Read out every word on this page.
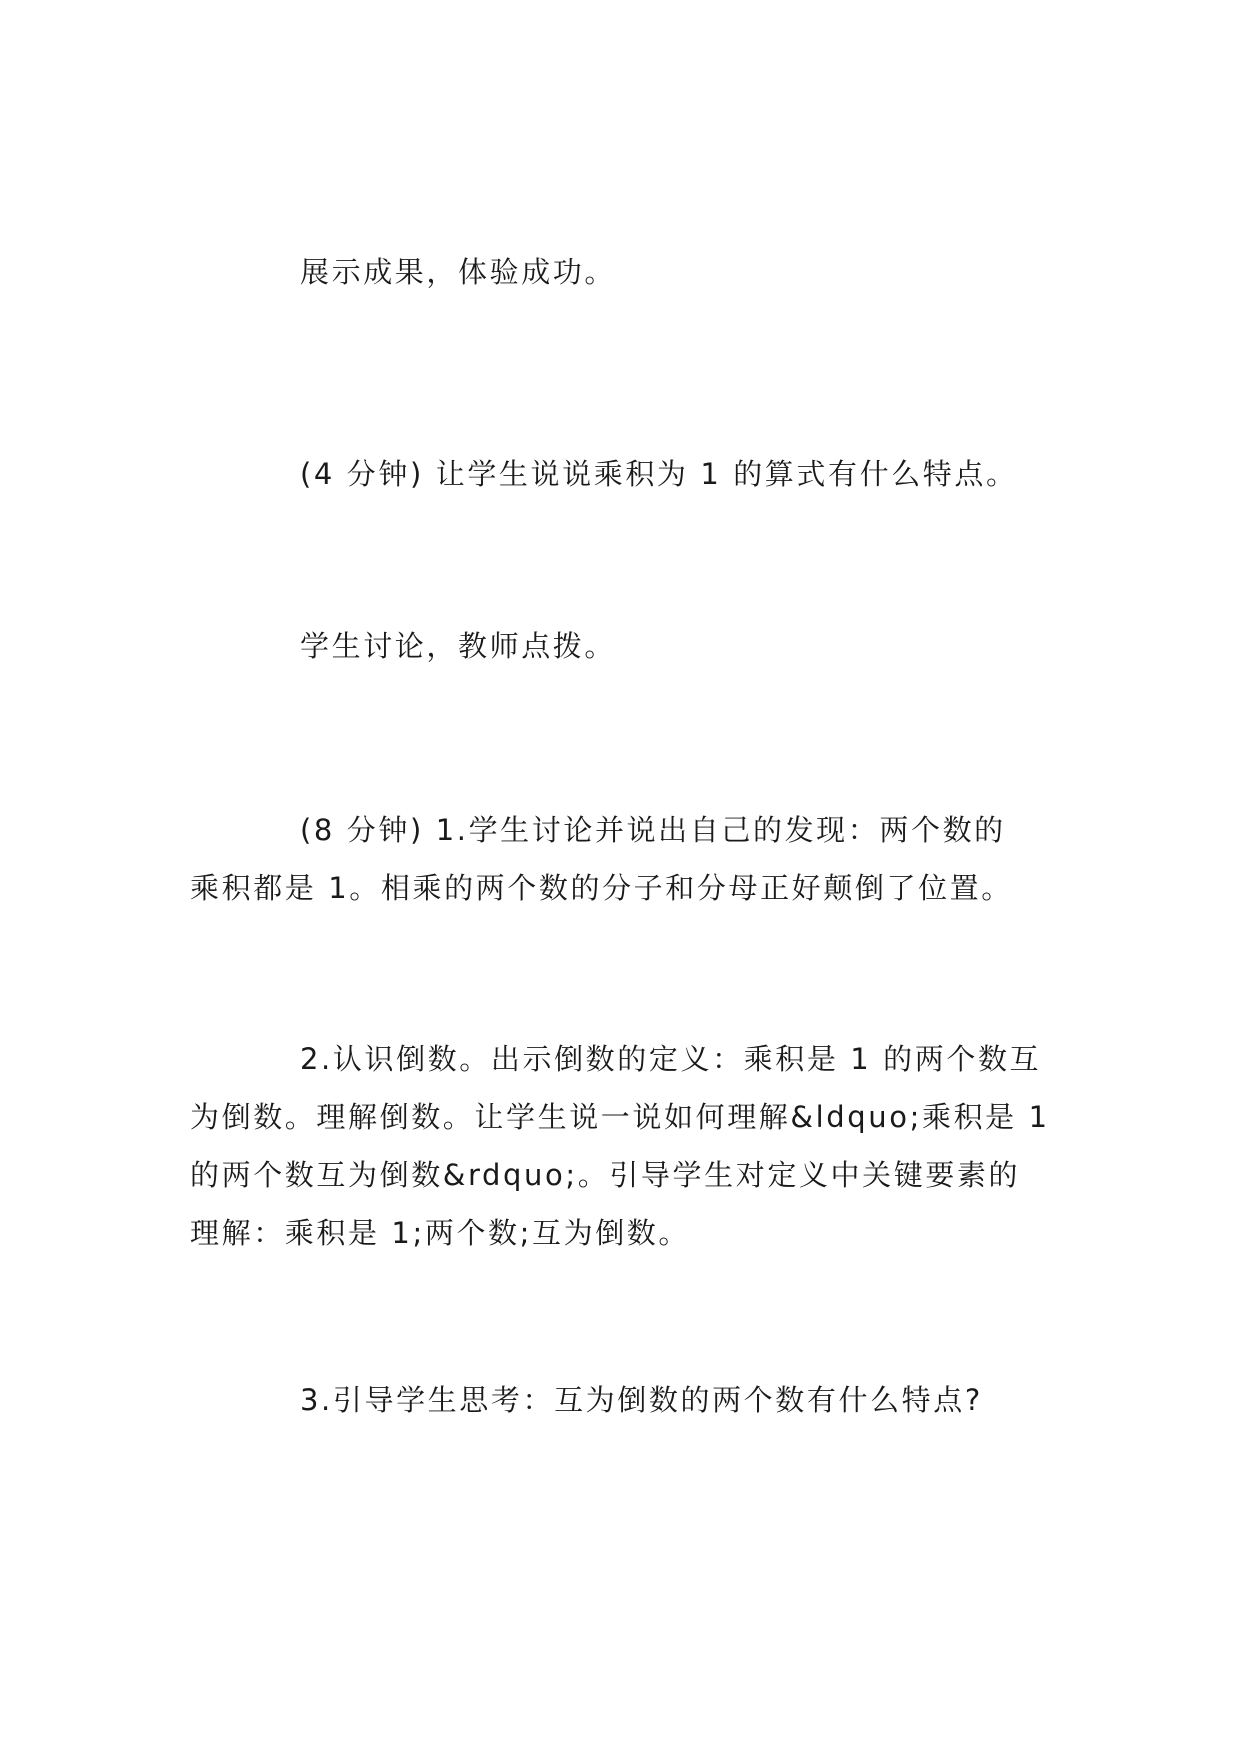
展示成果，体验成功。

(4 分钟) 让学生说说乘积为 1 的算式有什么特点。

学生讨论，教师点拨。

(8 分钟) 1.学生讨论并说出自己的发现：两个数的
乘积都是 1。相乘的两个数的分子和分母正好颠倒了位置。

2.认识倒数。出示倒数的定义：乘积是 1 的两个数互
为倒数。理解倒数。让学生说一说如何理解&ldquo;乘积是 1
的两个数互为倒数&rdquo;。引导学生对定义中关键要素的
理解：乘积是 1;两个数;互为倒数。

3.引导学生思考：互为倒数的两个数有什么特点?
